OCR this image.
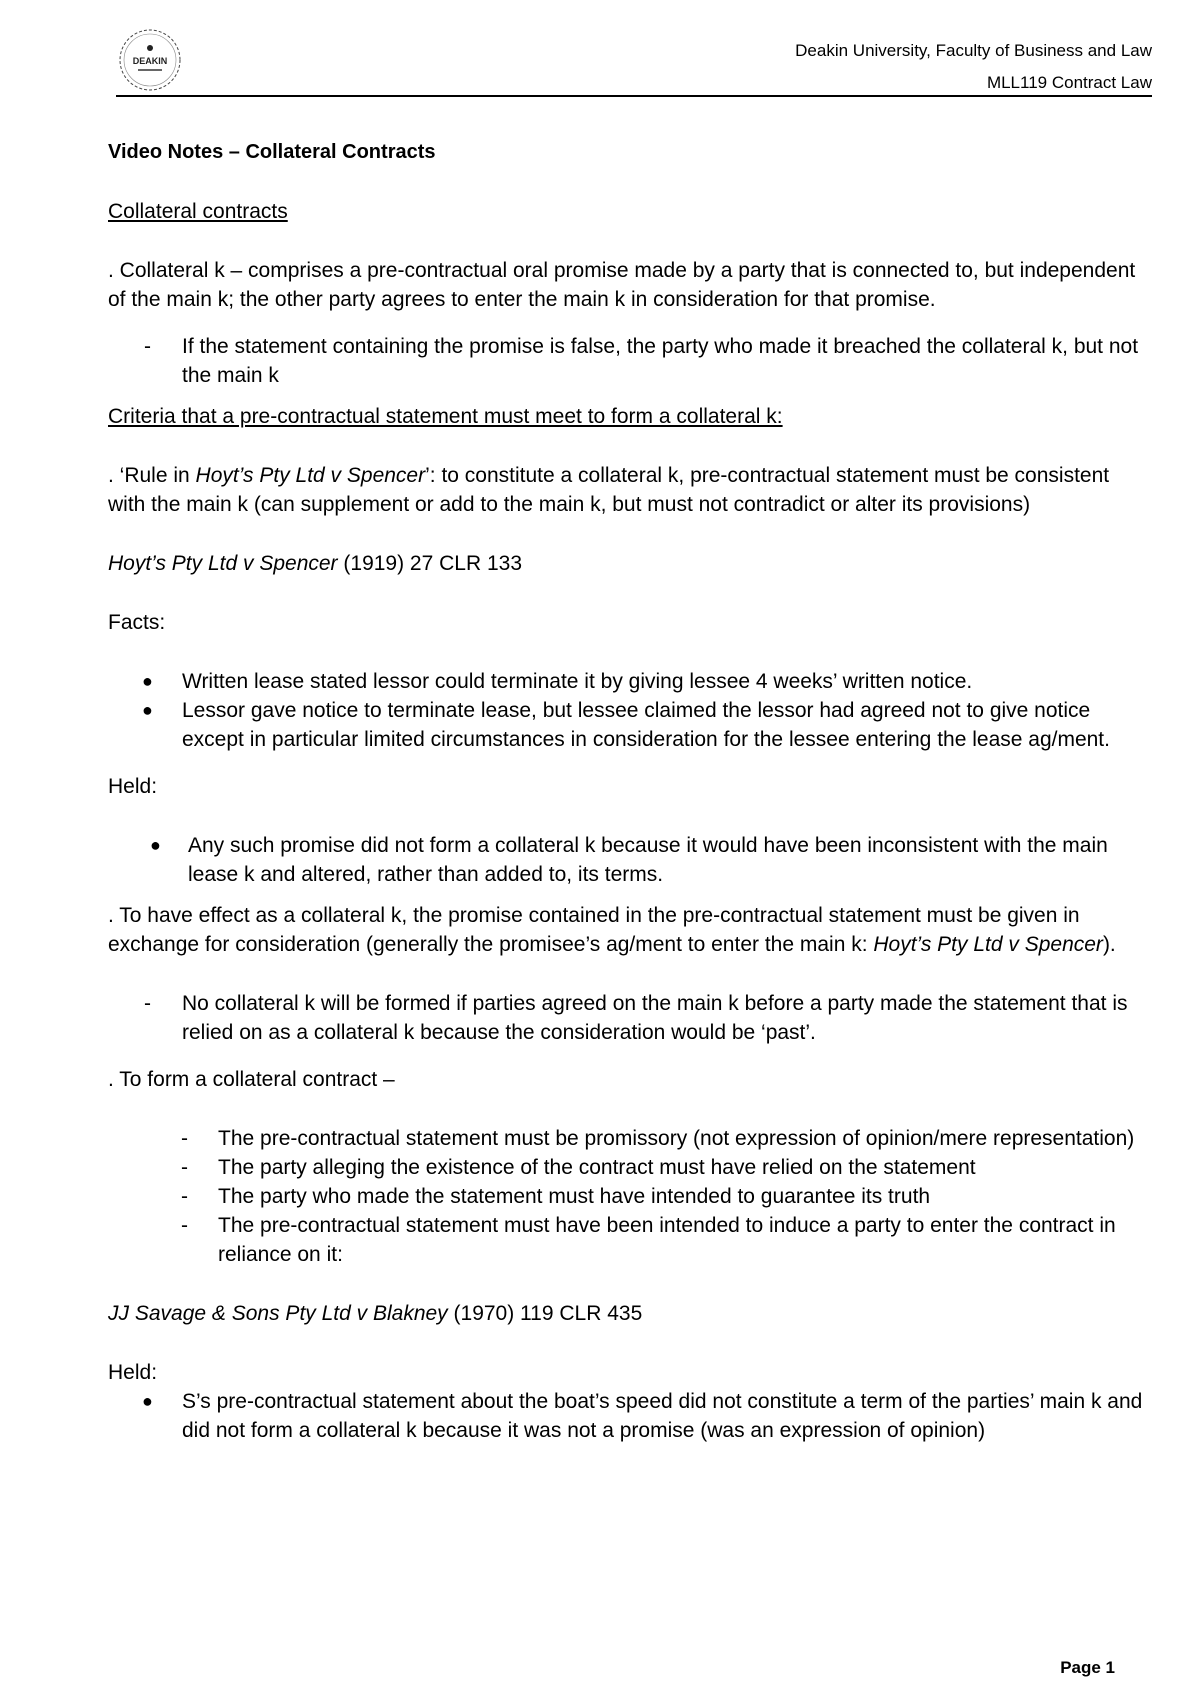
DEAKIN
Deakin University, Faculty of Business and Law
MLL119 Contract Law

Video Notes – Collateral Contracts

Collateral contracts

. Collateral k – comprises a pre-contractual oral promise made by a party that is connected to, but independent of the main k; the other party agrees to enter the main k in consideration for that promise.

- If the statement containing the promise is false, the party who made it breached the collateral k, but not the main k

Criteria that a pre-contractual statement must meet to form a collateral k:

. ‘Rule in Hoyt’s Pty Ltd v Spencer’: to constitute a collateral k, pre-contractual statement must be consistent with the main k (can supplement or add to the main k, but must not contradict or alter its provisions)

Hoyt’s Pty Ltd v Spencer (1919) 27 CLR 133

Facts:

● Written lease stated lessor could terminate it by giving lessee 4 weeks’ written notice.
● Lessor gave notice to terminate lease, but lessee claimed the lessor had agreed not to give notice except in particular limited circumstances in consideration for the lessee entering the lease ag/ment.

Held:

● Any such promise did not form a collateral k because it would have been inconsistent with the main lease k and altered, rather than added to, its terms.

. To have effect as a collateral k, the promise contained in the pre-contractual statement must be given in exchange for consideration (generally the promisee’s ag/ment to enter the main k: Hoyt’s Pty Ltd v Spencer).

- No collateral k will be formed if parties agreed on the main k before a party made the statement that is relied on as a collateral k because the consideration would be ‘past’.

. To form a collateral contract –

- The pre-contractual statement must be promissory (not expression of opinion/mere representation)
- The party alleging the existence of the contract must have relied on the statement
- The party who made the statement must have intended to guarantee its truth
- The pre-contractual statement must have been intended to induce a party to enter the contract in reliance on it:

JJ Savage & Sons Pty Ltd v Blakney (1970) 119 CLR 435

Held:

● S’s pre-contractual statement about the boat’s speed did not constitute a term of the parties’ main k and did not form a collateral k because it was not a promise (was an expression of opinion)
Page 1
